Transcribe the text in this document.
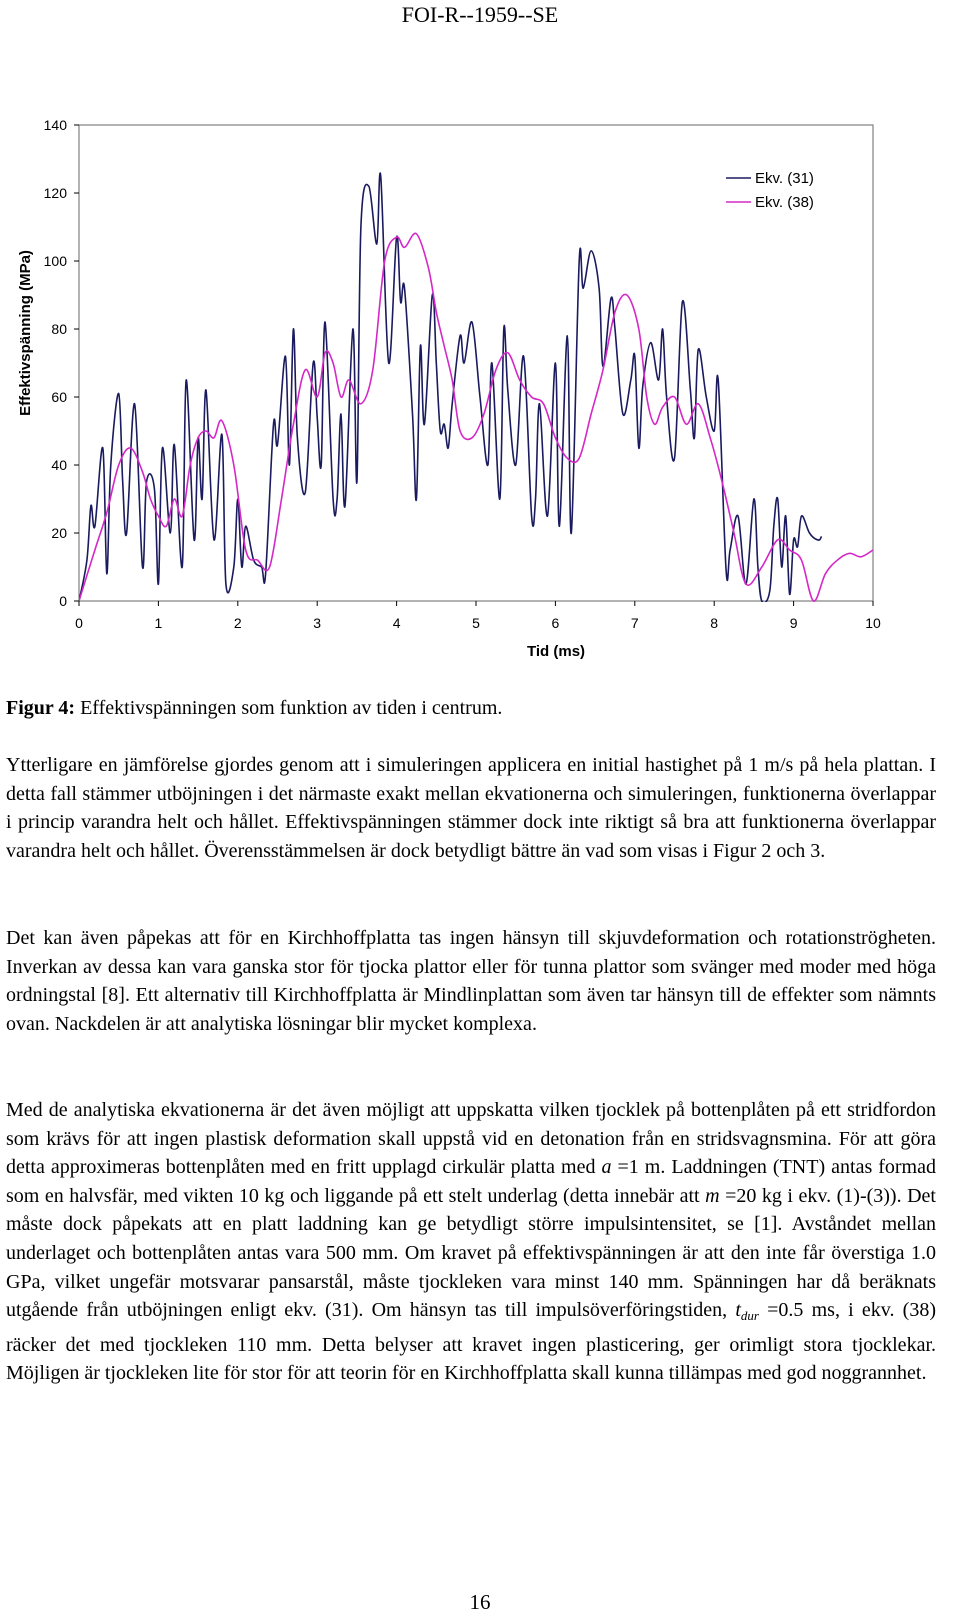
FOI-R--1959--SE
0
20
40
60
80
100
120
140
0	1	2	3	4	5	6	7	8	9	10
Tid (ms)
Effektivspänning (MPa)
Ekv. (31)
Ekv. (38)
Figur 4: Effektivspänningen som funktion av tiden i centrum.
Ytterligare en jämförelse gjordes genom att i simuleringen applicera en initial hastighet på 1 m/s på hela plattan. I detta fall stämmer utböjningen i det närmaste exakt mellan ekvationerna och simuleringen, funktionerna överlappar i princip varandra helt och hållet. Effektivspänningen stämmer dock inte riktigt så bra att funktionerna överlappar varandra helt och hållet. Överensstämmelsen är dock betydligt bättre än vad som visas i Figur 2 och 3.
Det kan även påpekas att för en Kirchhoffplatta tas ingen hänsyn till skjuvdeformation och rotationströgheten. Inverkan av dessa kan vara ganska stor för tjocka plattor eller för tunna plattor som svänger med moder med höga ordningstal [8]. Ett alternativ till Kirchhoffplatta är Mindlinplattan som även tar hänsyn till de effekter som nämnts ovan. Nackdelen är att analytiska lösningar blir mycket komplexa.
Med de analytiska ekvationerna är det även möjligt att uppskatta vilken tjocklek på bottenplåten på ett stridfordon som krävs för att ingen plastisk deformation skall uppstå vid en detonation från en stridsvagnsmina. För att göra detta approximeras bottenplåten med en fritt upplagd cirkulär platta med a =1 m. Laddningen (TNT) antas formad som en halvsfär, med vikten 10 kg och liggande på ett stelt underlag (detta innebär att m =20 kg i ekv. (1)-(3)). Det måste dock påpekats att en platt laddning kan ge betydligt större impulsintensitet, se [1]. Avståndet mellan underlaget och bottenplåten antas vara 500 mm. Om kravet på effektivspänningen är att den inte får överstiga 1.0 GPa, vilket ungefär motsvarar pansarstål, måste tjockleken vara minst 140 mm. Spänningen har då beräknats utgående från utböjningen enligt ekv. (31). Om hänsyn tas till impulsöverföringstiden, $t_{dur} =0.5$ ms, i ekv. (38) räcker det med tjockleken 110 mm. Detta belyser att kravet ingen plasticering, ger orimligt stora tjocklekar. Möjligen är tjockleken lite för stor för att teorin för en Kirchhoffplatta skall kunna tillämpas med god noggrannhet.
16
